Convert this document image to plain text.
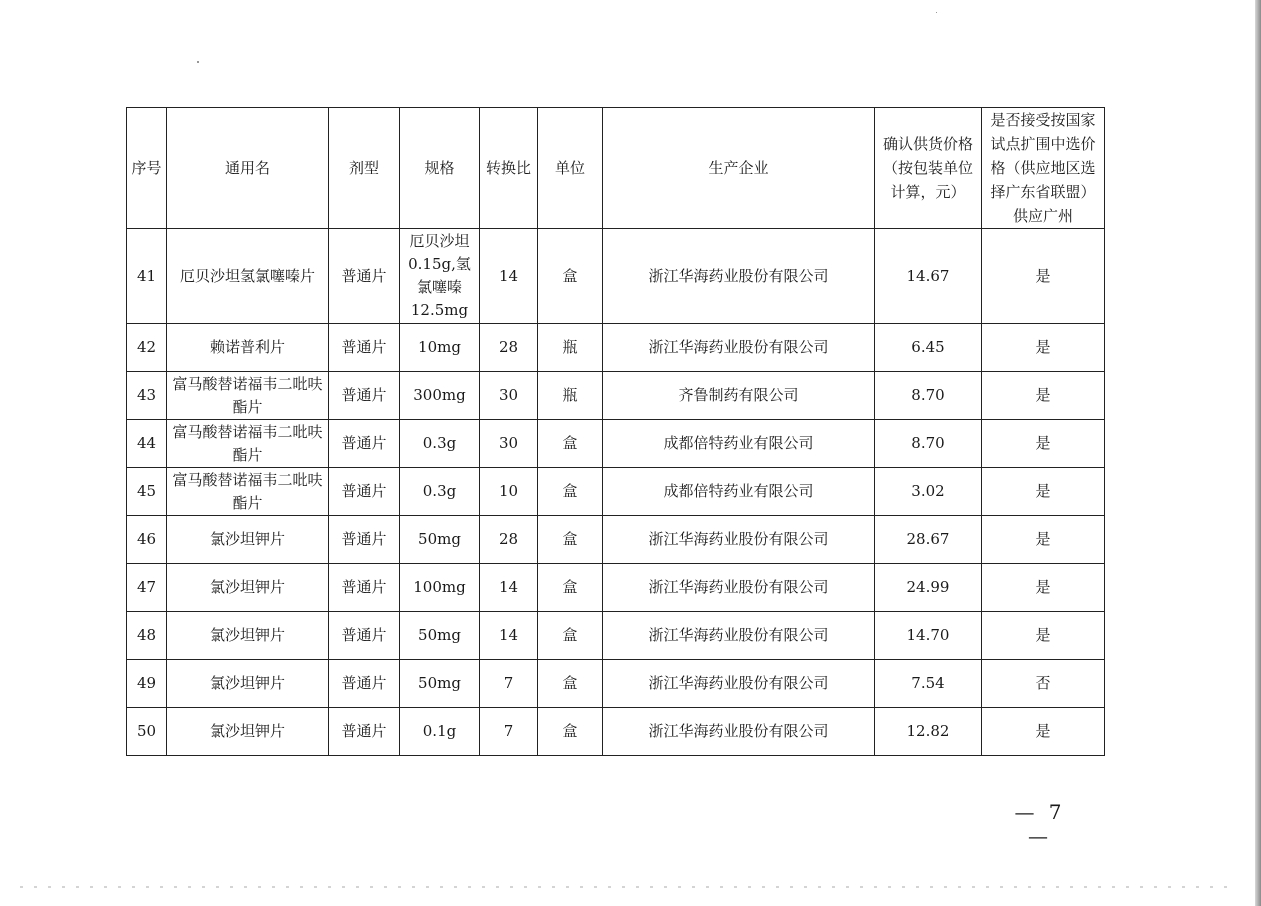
序号	通用名	剂型	规格	转换比	单位	生产企业	确认供货价格（按包装单位计算，元）	是否接受按国家试点扩围中选价格（供应地区选择广东省联盟）供应广州
41	厄贝沙坦氢氯噻嗪片	普通片	厄贝沙坦0.15g,氢氯噻嗪12.5mg	14	盒	浙江华海药业股份有限公司	14.67	是
42	赖诺普利片	普通片	10mg	28	瓶	浙江华海药业股份有限公司	6.45	是
43	富马酸替诺福韦二吡呋酯片	普通片	300mg	30	瓶	齐鲁制药有限公司	8.70	是
44	富马酸替诺福韦二吡呋酯片	普通片	0.3g	30	盒	成都倍特药业有限公司	8.70	是
45	富马酸替诺福韦二吡呋酯片	普通片	0.3g	10	盒	成都倍特药业有限公司	3.02	是
46	氯沙坦钾片	普通片	50mg	28	盒	浙江华海药业股份有限公司	28.67	是
47	氯沙坦钾片	普通片	100mg	14	盒	浙江华海药业股份有限公司	24.99	是
48	氯沙坦钾片	普通片	50mg	14	盒	浙江华海药业股份有限公司	14.70	是
49	氯沙坦钾片	普通片	50mg	7	盒	浙江华海药业股份有限公司	7.54	否
50	氯沙坦钾片	普通片	0.1g	7	盒	浙江华海药业股份有限公司	12.82	是
— 7 —
